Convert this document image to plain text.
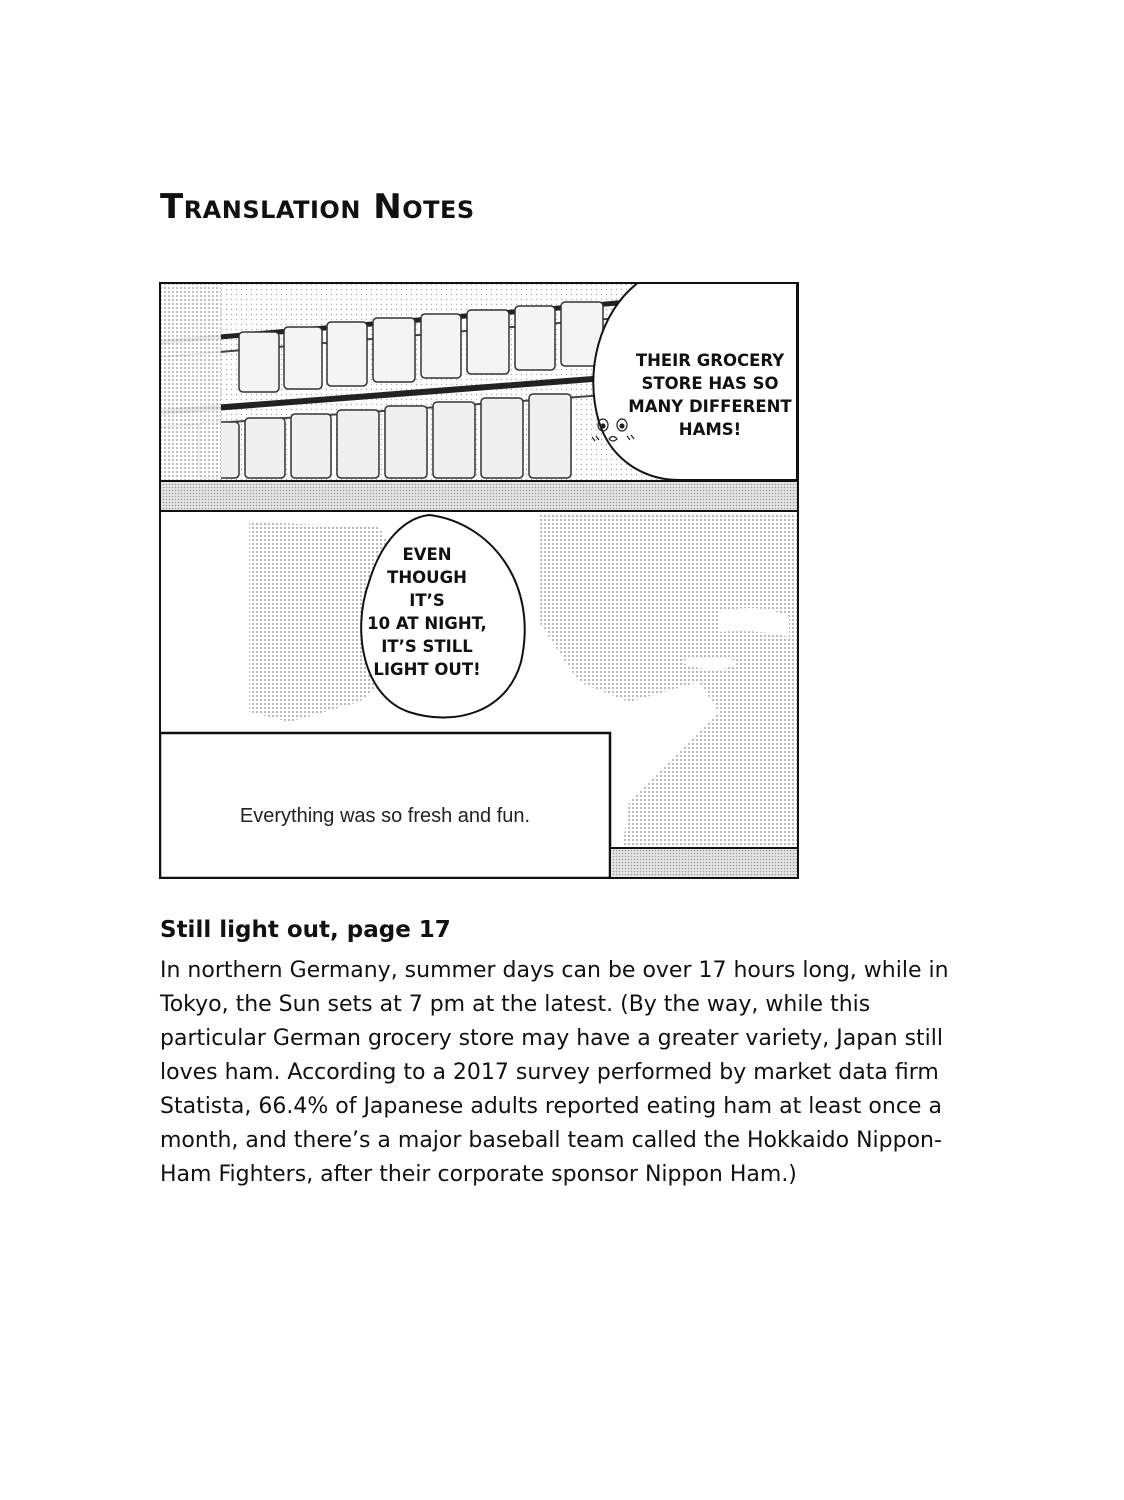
Translation Notes
THEIR GROCERY
STORE HAS SO
MANY DIFFERENT
HAMS!
EVEN
THOUGH IT’S
10 AT NIGHT,
IT’S STILL
LIGHT OUT!
Everything was so fresh and fun.
Still light out, page 17

In northern Germany, summer days can be over 17 hours long, while in Tokyo, the Sun sets at 7 pm at the latest. (By the way, while this particular German grocery store may have a greater variety, Japan still loves ham. According to a 2017 survey performed by market data firm Statista, 66.4% of Japanese adults reported eating ham at least once a month, and there’s a major baseball team called the Hokkaido Nippon-Ham Fighters, after their corporate sponsor Nippon Ham.)
